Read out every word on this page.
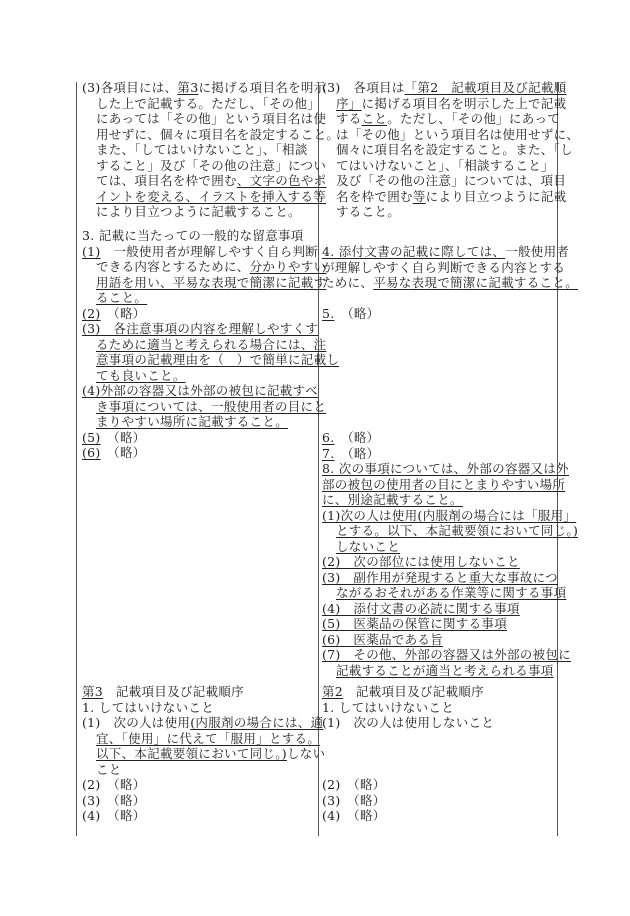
(3)各項目には、第3に掲げる項目名を明示
した上で記載する。ただし、「その他」
にあっては「その他」という項目名は使
用せずに、個々に項目名を設定すること。
また、「してはいけないこと」、「相談
すること」及び「その他の注意」につい
ては、項目名を枠で囲む、文字の色やポ
イントを変える、イラストを挿入する等
により目立つように記載すること。
3. 記載に当たっての一般的な留意事項
(1)　一般使用者が理解しやすく自ら判断
できる内容とするために、分かりやすい
用語を用い、平易な表現で簡潔に記載す
ること。
(2)　（略）
(3)　各注意事項の内容を理解しやすくす
るために適当と考えられる場合には、注
意事項の記載理由を（　）で簡単に記載し
ても良いこと。
(4)外部の容器又は外部の被包に記載すべ
き事項については、一般使用者の目にと
まりやすい場所に記載すること。
(5)　（略）
(6)　（略）
第3　記載項目及び記載順序
1. してはいけないこと
(1)　次の人は使用(内服剤の場合には、適
宜、「使用」に代えて「服用」とする。
以下、本記載要領において同じ。)しない
こと
(2)　（略）
(3)　（略）
(4)　（略）
(3)　各項目は「第2　記載項目及び記載順
序」に掲げる項目名を明示した上で記載
すること。ただし、「その他」にあって
は「その他」という項目名は使用せずに、
個々に項目名を設定すること。また、「し
てはいけないこと」、「相談すること」
及び「その他の注意」については、項目
名を枠で囲む等により目立つように記載
すること。
4. 添付文書の記載に際しては、一般使用者
が理解しやすく自ら判断できる内容とする
ために、平易な表現で簡潔に記載すること。
5.　（略）
6.　（略）
7.　（略）
8. 次の事項については、外部の容器又は外
部の被包の使用者の目にとまりやすい場所
に、別途記載すること。
(1)次の人は使用(内服剤の場合には「服用」
とする。以下、本記載要領において同じ。)
しないこと
(2)　次の部位には使用しないこと
(3)　副作用が発現すると重大な事故につ
ながるおそれがある作業等に関する事項
(4)　添付文書の必読に関する事項
(5)　医薬品の保管に関する事項
(6)　医薬品である旨
(7)　その他、外部の容器又は外部の被包に
記載することが適当と考えられる事項
第2　記載項目及び記載順序
1. してはいけないこと
(1)　次の人は使用しないこと
(2)　（略）
(3)　（略）
(4)　（略）
